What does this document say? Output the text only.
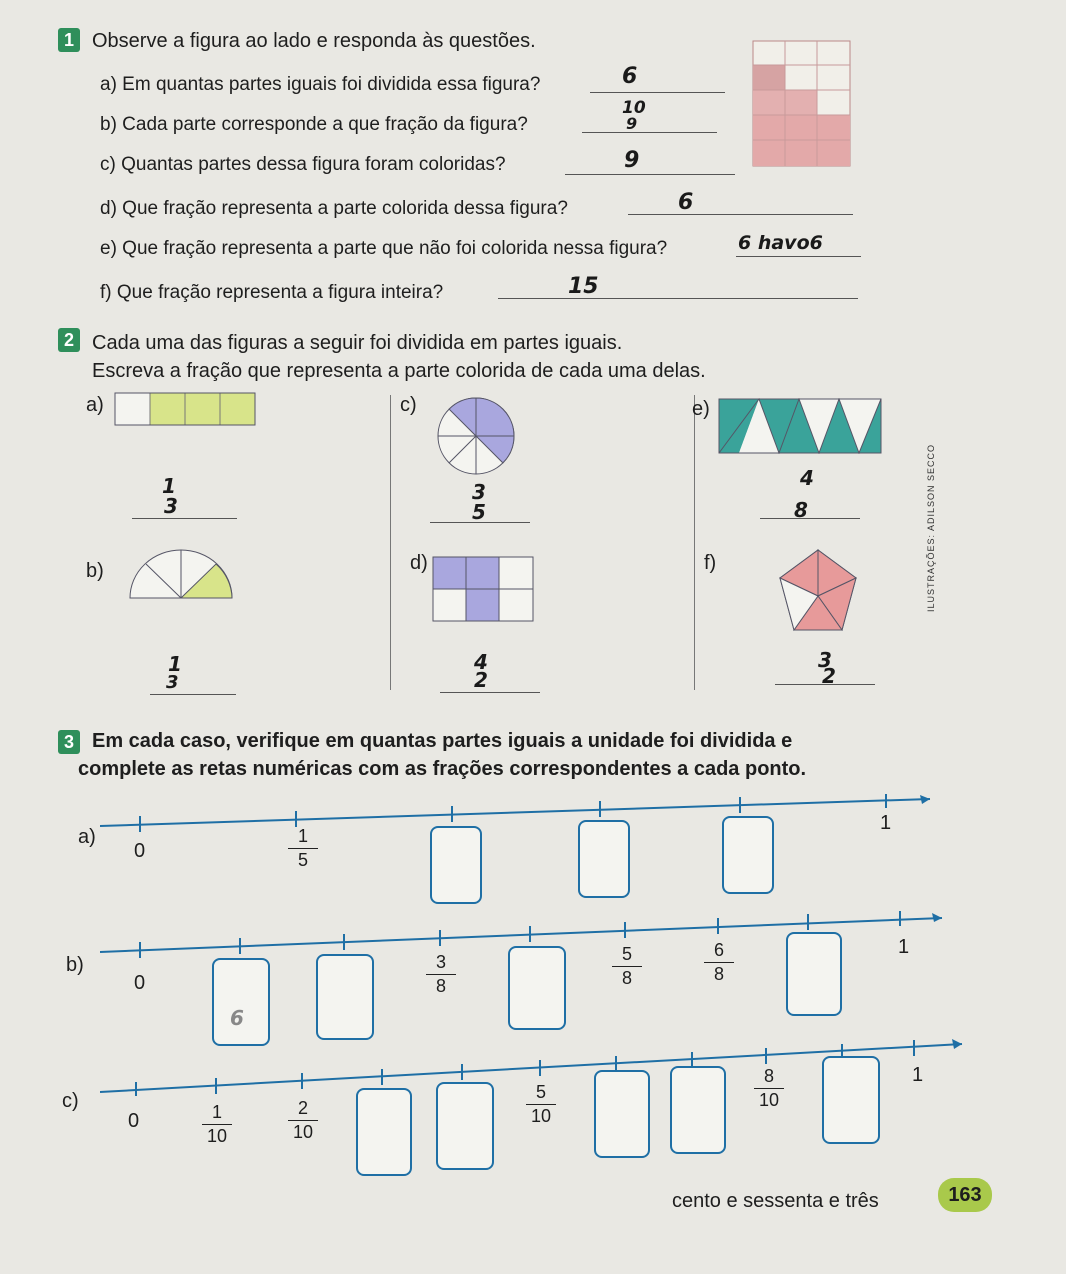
1 Observe a figura ao lado e responda às questões.
a) Em quantas partes iguais foi dividida essa figura?	6
b) Cada parte corresponde a que fração da figura?
10
9
c) Quantas partes dessa figura foram coloridas?	9
d) Que fração representa a parte colorida dessa figura?	6
e) Que fração representa a parte que não foi colorida nessa figura?	6 havo6
f) Que fração representa a figura inteira?	15
2 Cada uma das figuras a seguir foi dividida em partes iguais.
Escreva a fração que representa a parte colorida de cada uma delas.
a)
1
3
b)
1
3
c)
3
5
d)
4
2
e)
4
8
f)
3
2
ILUSTRAÇÕES: ADILSON SECCO
3 Em cada caso, verifique em quantas partes iguais a unidade foi dividida e
complete as retas numéricas com as frações correspondentes a cada ponto.
a)
0
1
$\frac{1}{5}$
b)
0
1
6
$\frac{3}{8}$	$\frac{5}{8}$	$\frac{6}{8}$
c)
0
1
$\frac{1}{10}$	$\frac{2}{10}$	$\frac{5}{10}$	$\frac{8}{10}$
cento e sessenta e três	163
